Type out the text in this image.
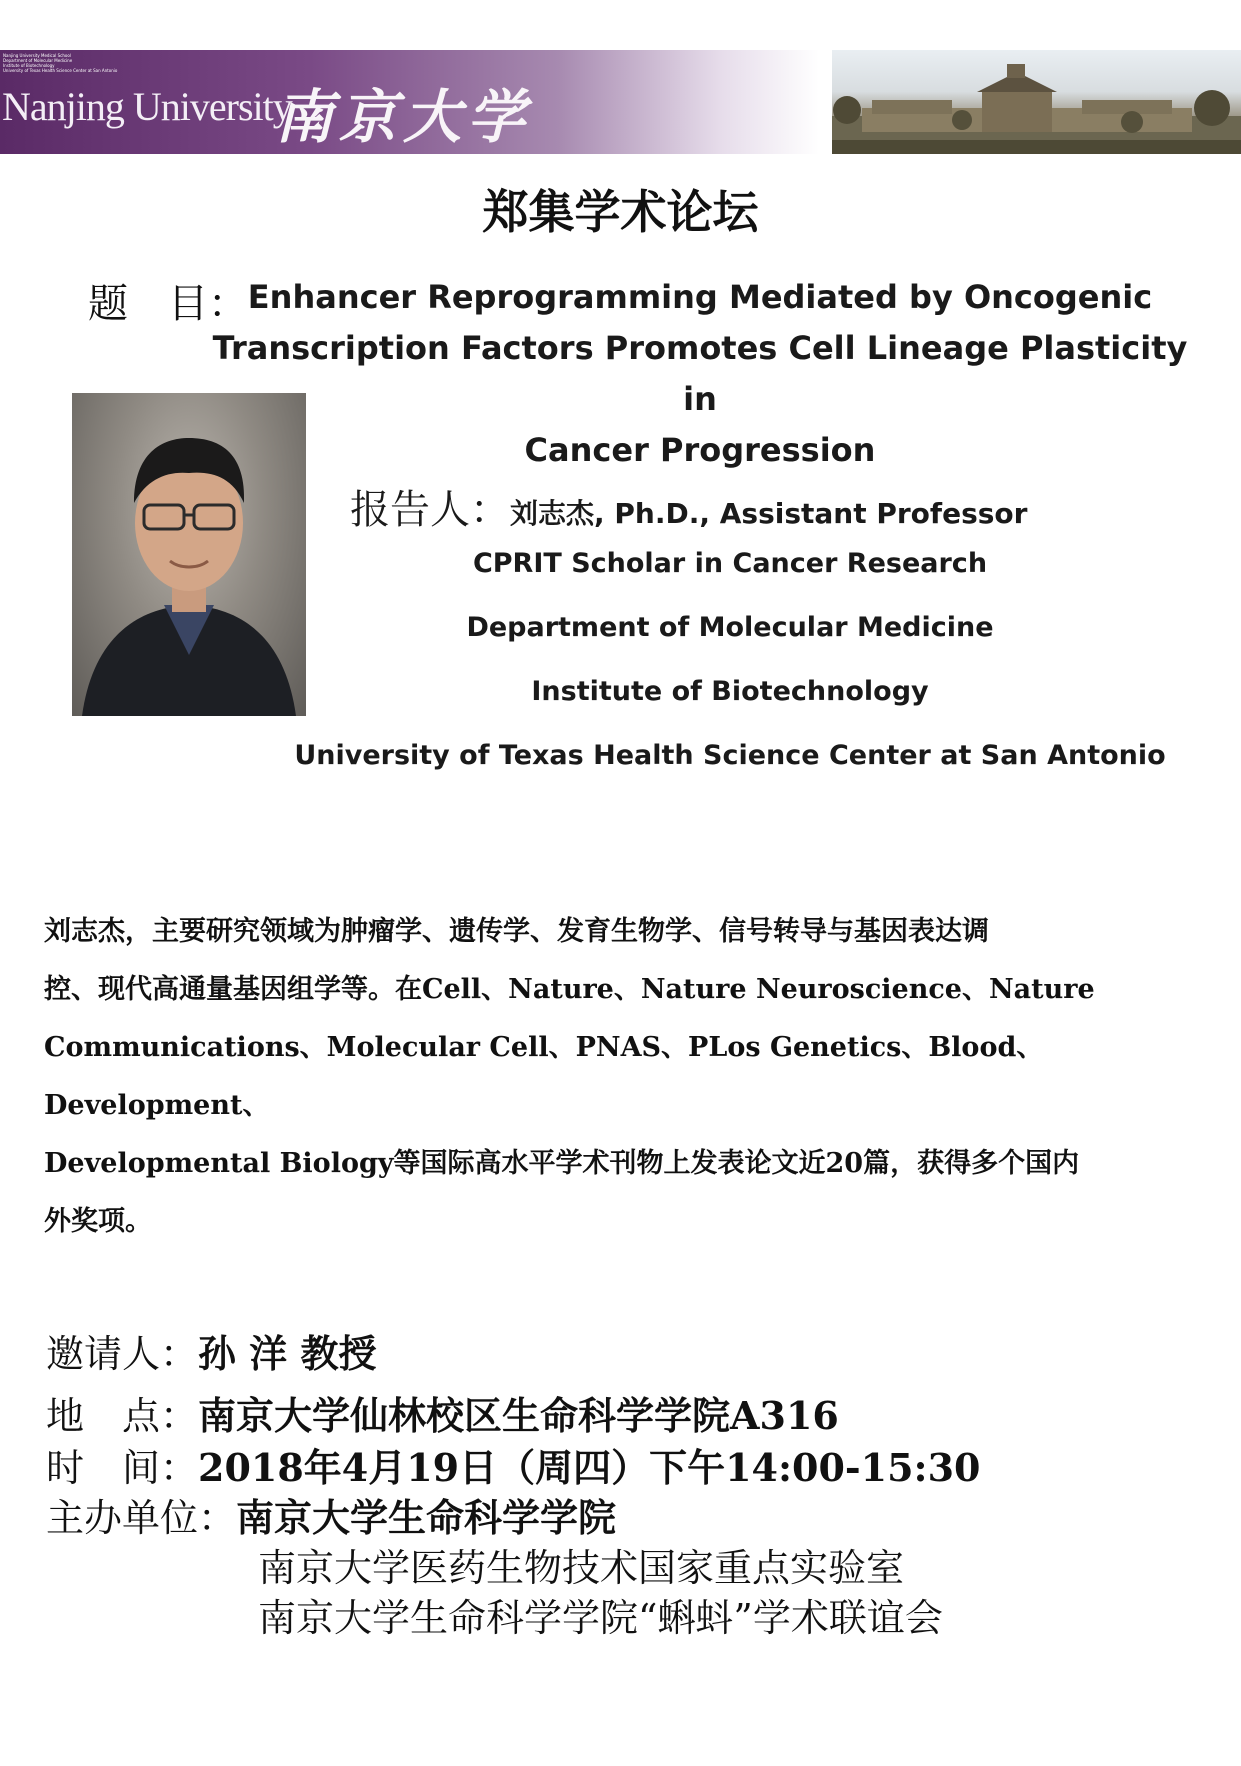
Nanjing University Medical School
Department of Molecular Medicine
Institute of Biotechnology
University of Texas Health Science Center at San Antonio
Nanjing University
南京大学
郑集学术论坛
题　目： Enhancer Reprogramming Mediated by Oncogenic
Transcription Factors Promotes Cell Lineage Plasticity in
Cancer Progression
报告人：刘志杰, Ph.D., Assistant Professor
CPRIT Scholar in Cancer Research
Department of Molecular Medicine
Institute of Biotechnology
University of Texas Health Science Center at San Antonio
刘志杰，主要研究领域为肿瘤学、遗传学、发育生物学、信号转导与基因表达调
控、现代高通量基因组学等。在Cell、Nature、Nature Neuroscience、Nature
Communications、Molecular Cell、PNAS、PLos Genetics、Blood、Development、
Developmental Biology等国际高水平学术刊物上发表论文近20篇，获得多个国内
外奖项。
邀请人：孙 洋 教授
地　点：南京大学仙林校区生命科学学院A316
时　间：2018年4月19日（周四）下午14:00-15:30
主办单位：南京大学生命科学学院
南京大学医药生物技术国家重点实验室
南京大学生命科学学院“蝌蚪”学术联谊会
